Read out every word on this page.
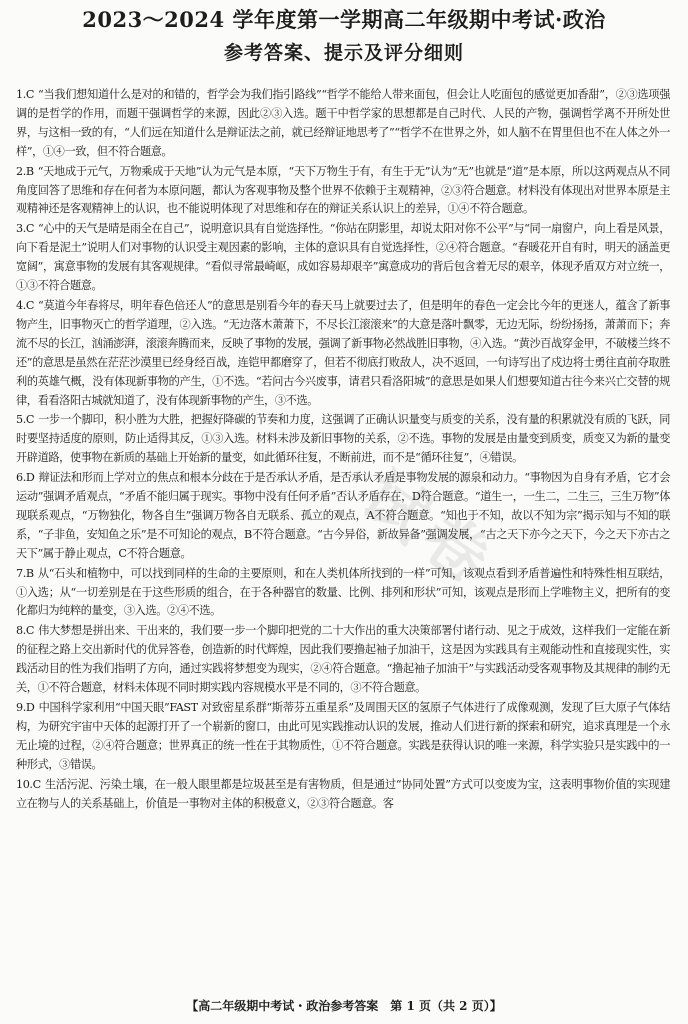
试卷
2023～2024 学年度第一学期高二年级期中考试·政治
参考答案、提示及评分细则

1.C “当我们想知道什么是对的和错的，哲学会为我们指引路线”“哲学不能给人带来面包，但会让人吃面包的感觉更加香甜”，②③选项强调的是哲学的作用，而题干强调哲学的来源，因此②③入选。题干中哲学家的思想都是自己时代、人民的产物，强调哲学离不开所处世界，与这相一致的有，“人们远在知道什么是辩证法之前，就已经辩证地思考了”“哲学不在世界之外，如人脑不在胃里但也不在人体之外一样”，①④一致，但不符合题意。

2.B “天地成于元气，万物乘成于天地”认为元气是本原，“天下万物生于有，有生于无”认为“无”也就是“道”是本原，所以这两观点从不同角度回答了思维和存在何者为本原问题，都认为客观事物及整个世界不依赖于主观精神，②③符合题意。材料没有体现出对世界本原是主观精神还是客观精神上的认识，也不能说明体现了对思维和存在的辩证关系认识上的差异，①④不符合题意。

3.C “心中的天气是晴是雨全在自己”，说明意识具有自觉选择性。“你站在阴影里，却说太阳对你不公平”与“同一扇窗户，向上看是风景，向下看是泥土”说明人们对事物的认识受主观因素的影响，主体的意识具有自觉选择性，②④符合题意。“春暖花开自有时，明天的涵盖更宽阔”，寓意事物的发展有其客观规律。“看似寻常最崎岖，成如容易却艰辛”寓意成功的背后包含着无尽的艰辛，体现矛盾双方对立统一，①③不符合题意。

4.C “莫道今年春将尽，明年春色倍还人”的意思是别看今年的春天马上就要过去了，但是明年的春色一定会比今年的更迷人，蕴含了新事物产生，旧事物灭亡的哲学道理，②入选。“无边落木萧萧下，不尽长江滚滚来”的大意是落叶飘零，无边无际，纷纷扬扬，萧萧而下；奔流不尽的长江，汹涌澎湃，滚滚奔腾而来，反映了事物的发展，强调了新事物必然战胜旧事物，④入选。“黄沙百战穿金甲，不破楼兰终不还”的意思是虽然在茫茫沙漠里已经身经百战，连铠甲都磨穿了，但若不彻底打败敌人，决不返回，一句诗写出了戍边将士勇往直前夺取胜利的英雄气概，没有体现新事物的产生，①不选。“若问古今兴废事，请君只看洛阳城”的意思是如果人们想要知道古往今来兴亡交替的规律，看看洛阳古城就知道了，没有体现新事物的产生，③不选。

5.C 一步一个脚印，积小胜为大胜，把握好降碳的节奏和力度，这强调了正确认识量变与质变的关系，没有量的积累就没有质的飞跃，同时要坚持适度的原则，防止适得其反，①③入选。材料未涉及新旧事物的关系，②不选。事物的发展是由量变到质变，质变又为新的量变开辟道路，使事物在新质的基础上开始新的量变，如此循环往复，不断前进，而不是“循环往复”，④错误。

6.D 辩证法和形而上学对立的焦点和根本分歧在于是否承认矛盾，是否承认矛盾是事物发展的源泉和动力。“事物因为自身有矛盾，它才会运动”强调矛盾观点，“矛盾不能归属于现实。事物中没有任何矛盾”否认矛盾存在，D符合题意。“道生一，一生二，二生三，三生万物”体现联系观点，“万物独化，物各自生”强调万物各自无联系、孤立的观点，A不符合题意。“知也于不知，故以不知为宗”揭示知与不知的联系，“子非鱼，安知鱼之乐”是不可知论的观点，B不符合题意。“古今异俗，新故异备”强调发展，“古之天下亦今之天下，今之天下亦古之天下”属于静止观点，C不符合题意。

7.B 从“石头和植物中，可以找到同样的生命的主要原则，和在人类机体所找到的一样”可知，该观点看到矛盾普遍性和特殊性相互联结，①入选；从“一切差别是在于这些形质的组合，在于各种器官的数量、比例、排列和形状”可知，该观点是形而上学唯物主义，把所有的变化都归为纯粹的量变，③入选。②④不选。

8.C 伟大梦想是拼出来、干出来的，我们要一步一个脚印把党的二十大作出的重大决策部署付诸行动、见之于成效，这样我们一定能在新的征程之路上交出新时代的优异答卷，创造新的时代辉煌，因此我们要撸起袖子加油干，这是因为实践具有主观能动性和直接现实性，实践活动目的性为我们指明了方向，通过实践将梦想变为现实，②④符合题意。“撸起袖子加油干”与实践活动受客观事物及其规律的制约无关，①不符合题意，材料未体现不同时期实践内容规模水平是不同的，③不符合题意。

9.D 中国科学家利用“中国天眼”FAST 对致密星系群“斯蒂芬五重星系”及周围天区的氢原子气体进行了成像观测，发现了巨大原子气体结构，为研究宇宙中天体的起源打开了一个崭新的窗口，由此可见实践推动认识的发展，推动人们进行新的探索和研究，追求真理是一个永无止境的过程，②④符合题意；世界真正的统一性在于其物质性，①不符合题意。实践是获得认识的唯一来源，科学实验只是实践中的一种形式，③错误。

10.C 生活污泥、污染土壤，在一般人眼里都是垃圾甚至是有害物质，但是通过“协同处置”方式可以变废为宝，这表明事物价值的实现建立在物与人的关系基础上，价值是一事物对主体的积极意义，②③符合题意。客

【高二年级期中考试・政治参考答案　第 1 页（共 2 页）】
